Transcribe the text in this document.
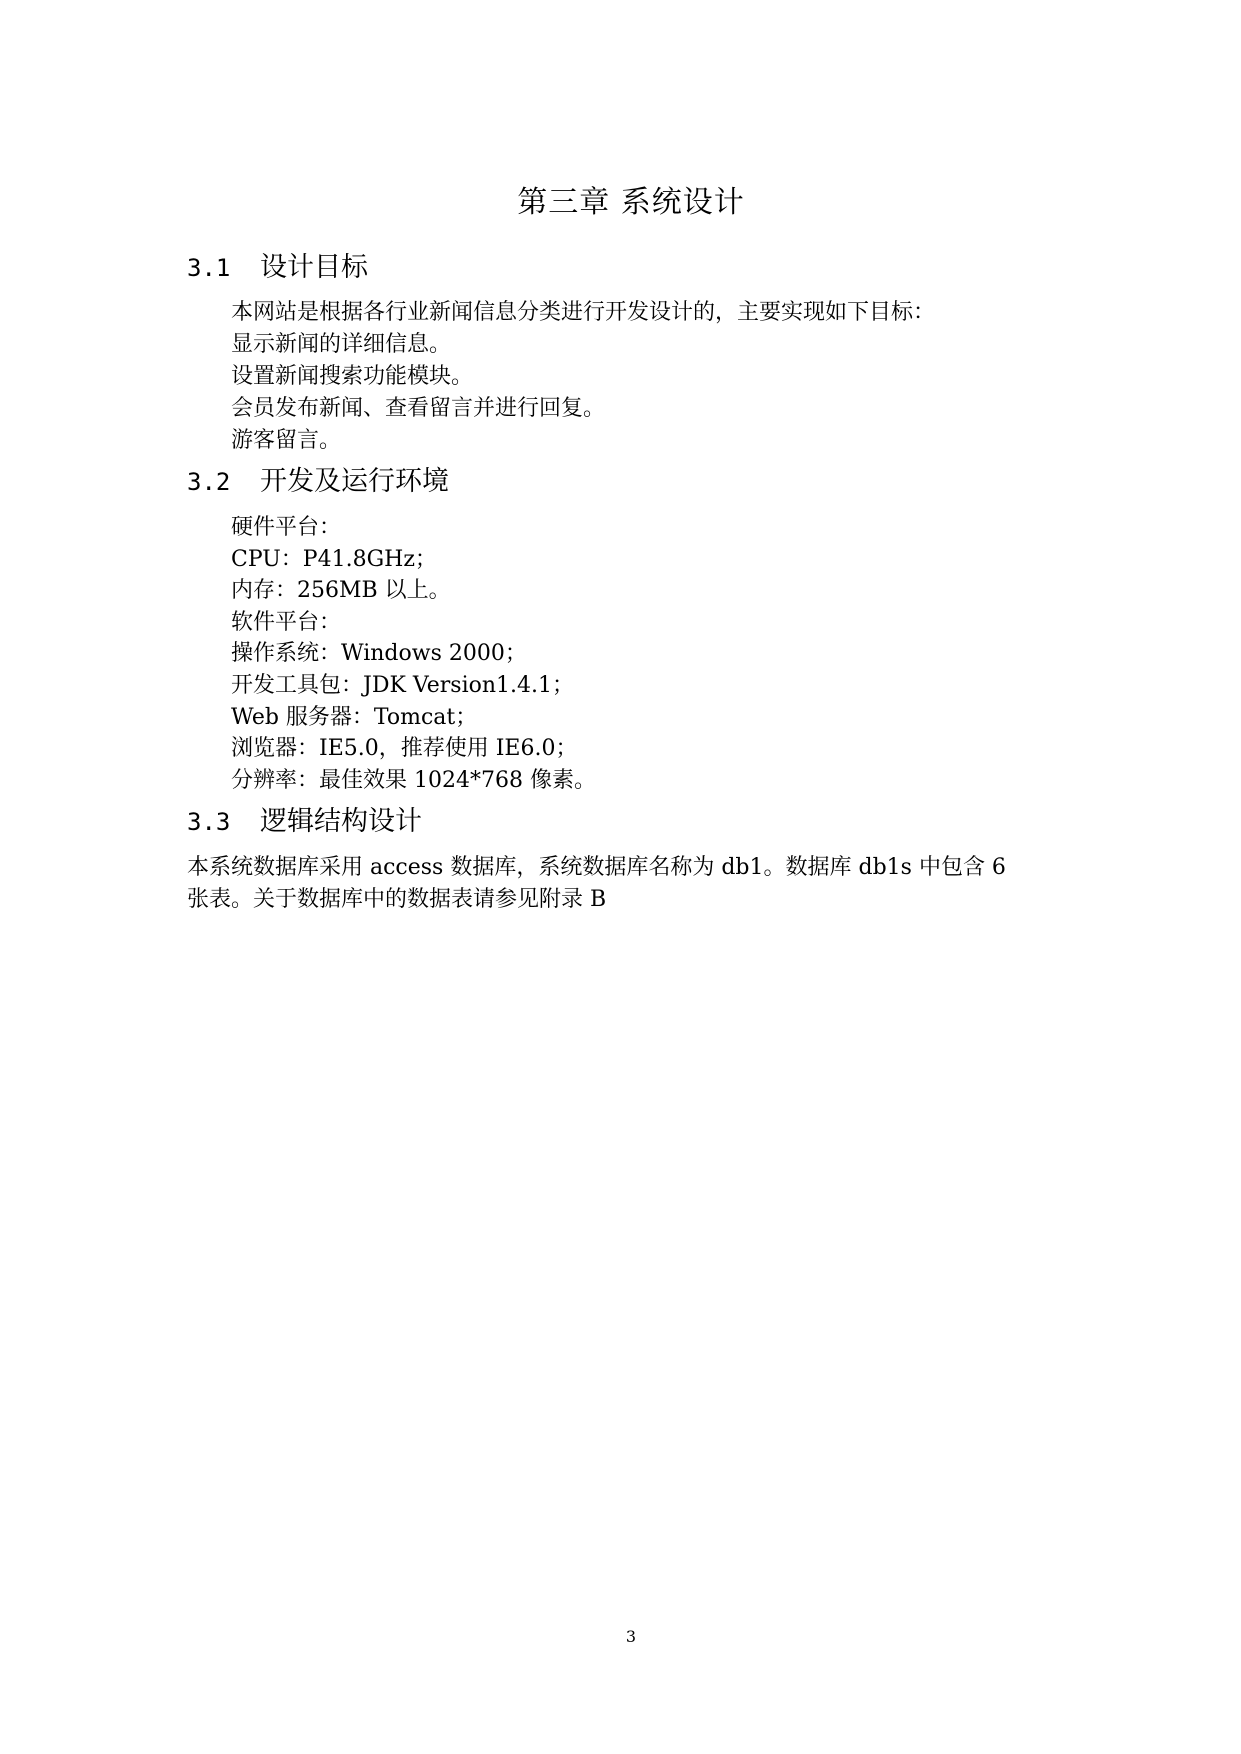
第三章 系统设计
3.1 设计目标
本网站是根据各行业新闻信息分类进行开发设计的，主要实现如下目标：
显示新闻的详细信息。
设置新闻搜索功能模块。
会员发布新闻、查看留言并进行回复。
游客留言。
3.2 开发及运行环境
硬件平台：
CPU：P41.8GHz；
内存：256MB 以上。
软件平台：
操作系统：Windows 2000；
开发工具包：JDK Version1.4.1；
Web 服务器：Tomcat；
浏览器：IE5.0，推荐使用 IE6.0；
分辨率：最佳效果 1024*768 像素。
3.3 逻辑结构设计

本系统数据库采用 access 数据库，系统数据库名称为 db1。数据库 db1s 中包含 6
张表。关于数据库中的数据表请参见附录 B

3
